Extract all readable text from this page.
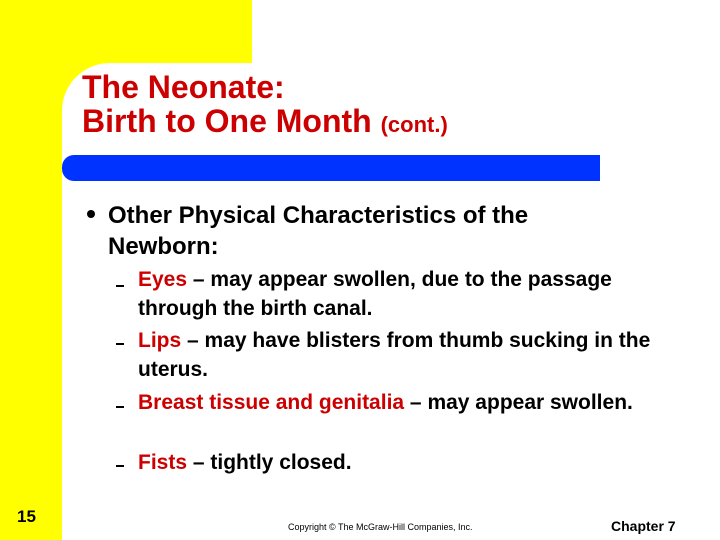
The Neonate:
Birth to One Month (cont.)

Other Physical Characteristics of the Newborn:

Eyes – may appear swollen, due to the passage through the birth canal.

Lips – may have blisters from thumb sucking in the uterus.

Breast tissue and genitalia – may appear swollen.

Fists – tightly closed.

15
Copyright © The McGraw-Hill Companies, Inc.	Chapter 7
